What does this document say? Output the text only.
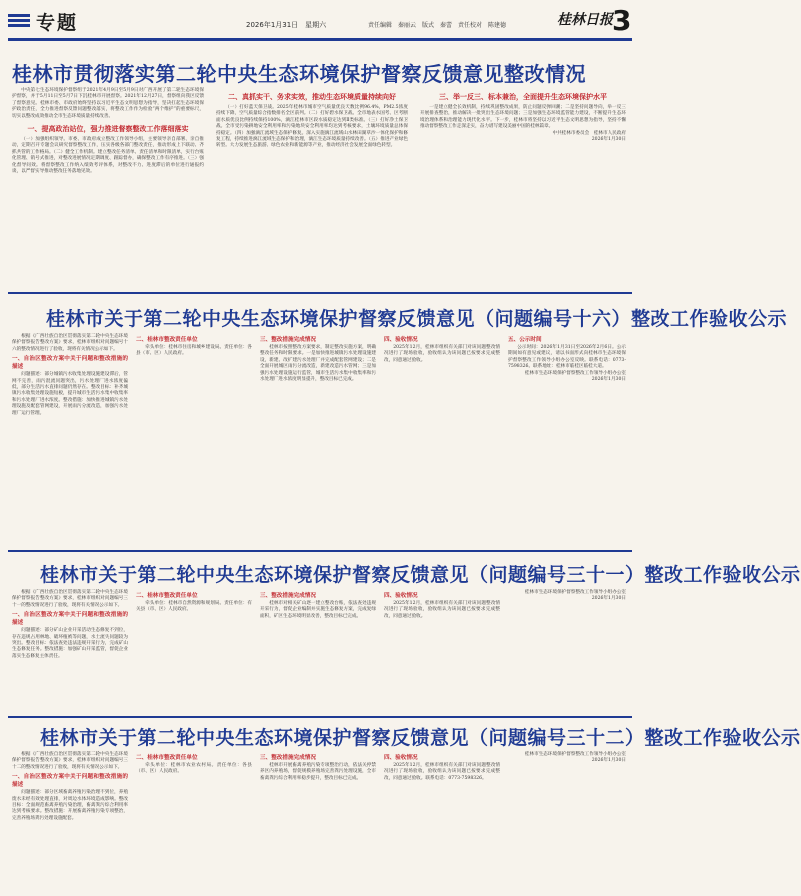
专题	2026年1月31日　星期六	责任编辑　秦丽云　版式　秦蕾　责任校对　陈建德	桂林日报 3
桂林市贯彻落实第二轮中央生态环境保护督察反馈意见整改情况

中央第七生态环境保护督察组于2021年4月9日至5月9日对广西开展了第二轮生态环境保护督察，并于5月11日至5月7日下沉桂林市开展督察。2021年12月27日，督察组向我区反馈了督察意见。桂林市委、市政府始终坚持以习近平生态文明思想为指导，坚决扛起生态环境保护政治责任，全力推进督察反馈问题整改落实，将整改工作作为检验“两个维护”的重要标尺，切实以整改成效推动全市生态环境质量持续改善。

一、提高政治站位，强力推进督察整改工作落细落实

（一）加强组织领导。市委、市政府成立整改工作领导小组，主要领导亲自部署、亲自推动，定期召开专题会议研究督察整改工作，压实各级各部门整改责任，推动形成上下联动、齐抓共管的工作格局。（二）健全工作机制。建立整改任务清单、责任清单和时限清单，实行台账化管理、销号式推进，对整改进展情况定期调度、跟踪督办，确保整改工作有序推进。（三）强化督导问效。将督察整改工作纳入绩效考评体系，对整改不力、进度滞后的单位进行通报约谈，以严督实导推动整改任务落地见效。

二、真抓实干、务求实效，推动生态环境质量持续向好

（一）打好蓝天保卫战。2025年桂林市城市空气质量优良天数比例96.4%，PM2.5浓度持续下降，空气质量综合指数排名全区前列。（二）打好碧水保卫战。全市地表水国考、区考断面水质优良比例持续保持100%，漓江桂林市区段水质稳定达到Ⅱ类标准。（三）打好净土保卫战。全市受污染耕地安全利用率和污染地块安全利用率均达到考核要求，土壤环境质量总体保持稳定。（四）加强漓江流域生态保护修复。深入实施漓江流域山水林田湖草沙一体化保护和修复工程，持续推进漓江流域生态保护和治理，漓江生态环境质量持续改善。（五）推进产业绿色转型。大力发展生态旅游、绿色农业和新能源等产业，推动经济社会发展全面绿色转型。

三、举一反三、标本兼治，全面提升生态环境保护水平

一是建立健全长效机制，持续巩固整改成果，防止问题反弹回潮；二是坚持问题导向，举一反三开展排查整治，推动解决一批突出生态环境问题；三是加强生态环境监管能力建设，不断提升生态环境治理体系和治理能力现代化水平。下一步，桂林市将坚持以习近平生态文明思想为指导，坚持不懈推动督察整改工作走深走实，奋力谱写建设美丽中国的桂林篇章。

中共桂林市委员会　桂林市人民政府

2026年1月30日

桂林市关于第二轮中央生态环境保护督察反馈意见（问题编号十六）整改工作验收公示

根据《广西壮族自治区贯彻落实第二轮中央生态环境保护督察报告整改方案》要求，桂林市组织对问题编号十六的整改情况进行了验收，现将有关情况公示如下。

一、自治区整改方案中关于问题和整改措施的描述

问题描述：部分城镇污水收集处理设施建设滞后，管网不完善，雨污混流问题突出，污水处理厂进水浓度偏低，部分生活污水直排问题仍然存在。整改目标：补齐城镇污水收集处理设施短板，提升城市生活污水集中收集率和污水处理厂进水浓度。整改措施：加快推进城镇污水处理设施及配套管网建设，开展雨污分流改造，加强污水处理厂运行管理。

二、桂林市整改责任单位

牵头单位：桂林市住房和城乡建设局。责任单位：各县（市、区）人民政府。

三、整改措施完成情况

桂林市按照整改方案要求，制定整改实施方案，明确整改任务和时限要求。一是加快推进城镇污水处理设施建设，新建、改扩建污水处理厂并完成配套管网建设；二是全面开展城区雨污分流改造，新建改造污水管网；三是加强污水处理设施运行监管，城市生活污水集中收集率和污水处理厂进水浓度明显提升，整改目标已完成。

四、验收情况

2025年12月，桂林市组织有关部门对该问题整改情况进行了现场验收，验收组认为该问题已按要求完成整改，同意通过验收。

五、公示时间

公示时间：2026年1月31日至2026年2月6日。公示期间如有意见或建议，请以书面形式向桂林市生态环境保护督察整改工作领导小组办公室反映。联系电话：0773-7598326。联系地址：桂林市临桂区临桂大道。

桂林市生态环境保护督察整改工作领导小组办公室

2026年1月30日

桂林市关于第二轮中央生态环境保护督察反馈意见（问题编号三十一）整改工作验收公示

根据《广西壮族自治区贯彻落实第二轮中央生态环境保护督察报告整改方案》要求，桂林市组织对问题编号三十一的整改情况进行了验收，现将有关情况公示如下。

一、自治区整改方案中关于问题和整改措施的描述

问题描述：部分矿山企业开采活动生态修复不到位，存在违规占用林地、破坏植被等问题，水土流失问题较为突出。整改目标：依法查处违法违规开采行为，完成矿山生态修复任务。整改措施：加强矿山开采监管，督促企业落实生态修复主体责任。

二、桂林市整改责任单位

牵头单位：桂林市自然资源和规划局。责任单位：有关县（市、区）人民政府。

三、整改措施完成情况

桂林市对相关矿山逐一建立整改台账，依法查处违规开采行为，督促企业编制并实施生态修复方案，完成复绿面积，矿区生态环境明显改善，整改目标已完成。

四、验收情况

2025年12月，桂林市组织有关部门对该问题整改情况进行了现场验收，验收组认为该问题已按要求完成整改，同意通过验收。

桂林市生态环境保护督察整改工作领导小组办公室

2026年1月30日

桂林市关于第二轮中央生态环境保护督察反馈意见（问题编号三十二）整改工作验收公示

根据《广西壮族自治区贯彻落实第二轮中央生态环境保护督察报告整改方案》要求，桂林市组织对问题编号三十二的整改情况进行了验收，现将有关情况公示如下。

一、自治区整改方案中关于问题和整改措施的描述

问题描述：部分区域畜禽养殖污染治理不到位，养殖废水未经有效处理直排，对周边水体环境造成影响。整改目标：全面规范畜禽养殖污染治理，畜禽粪污综合利用率达到考核要求。整改措施：开展畜禽养殖污染专项整治，完善养殖场粪污处理设施配套。

二、桂林市整改责任单位

牵头单位：桂林市农业农村局。责任单位：各县（市、区）人民政府。

三、整改措施完成情况

桂林市开展畜禽养殖污染专项整治行动，依法关停禁养区内养殖场，督促规模养殖场完善粪污处理设施，全市畜禽粪污综合利用率稳步提升，整改目标已完成。

四、验收情况

2025年12月，桂林市组织有关部门对该问题整改情况进行了现场验收，验收组认为该问题已按要求完成整改，同意通过验收。联系电话：0773-7598326。

桂林市生态环境保护督察整改工作领导小组办公室

2026年1月30日
